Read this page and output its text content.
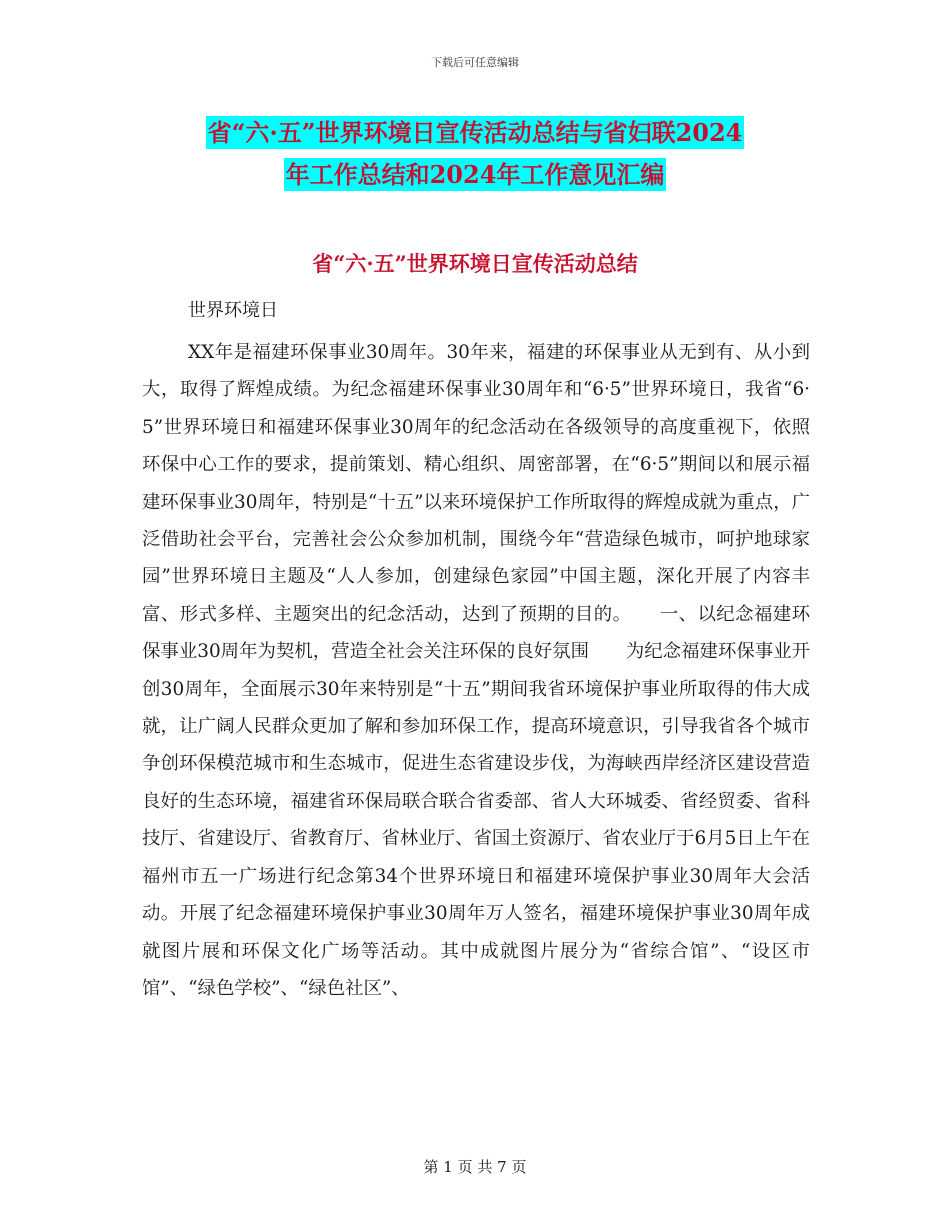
下载后可任意编辑
省“六·五”世界环境日宣传活动总结与省妇联2024
年工作总结和2024年工作意见汇编
省“六·五”世界环境日宣传活动总结
世界环境日

XX年是福建环保事业30周年。30年来，福建的环保事业从无到有、从小到大，取得了辉煌成绩。为纪念福建环保事业30周年和“6·5”世界环境日，我省“6·5”世界环境日和福建环保事业30周年的纪念活动在各级领导的高度重视下，依照环保中心工作的要求，提前策划、精心组织、周密部署，在“6·5”期间以和展示福建环保事业30周年，特别是“十五”以来环境保护工作所取得的辉煌成就为重点，广泛借助社会平台，完善社会公众参加机制，围绕今年“营造绿色城市，呵护地球家园”世界环境日主题及“人人参加，创建绿色家园”中国主题，深化开展了内容丰富、形式多样、主题突出的纪念活动，达到了预期的目的。　　一、以纪念福建环保事业30周年为契机，营造全社会关注环保的良好氛围　　为纪念福建环保事业开创30周年，全面展示30年来特别是“十五”期间我省环境保护事业所取得的伟大成就，让广阔人民群众更加了解和参加环保工作，提高环境意识，引导我省各个城市争创环保模范城市和生态城市，促进生态省建设步伐，为海峡西岸经济区建设营造良好的生态环境，福建省环保局联合联合省委部、省人大环城委、省经贸委、省科技厅、省建设厅、省教育厅、省林业厅、省国土资源厅、省农业厅于6月5日上午在福州市五一广场进行纪念第34个世界环境日和福建环境保护事业30周年大会活动。开展了纪念福建环境保护事业30周年万人签名，福建环境保护事业30周年成就图片展和环保文化广场等活动。其中成就图片展分为“省综合馆”、“设区市馆”、“绿色学校”、“绿色社区”、

第 1 页 共 7 页
